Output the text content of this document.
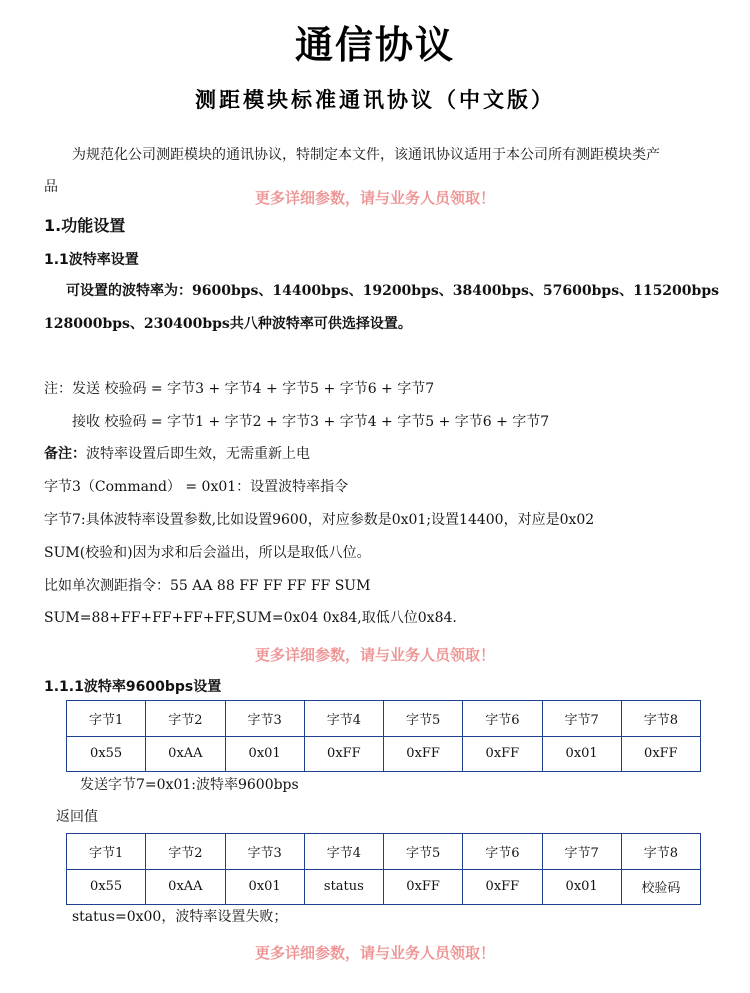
通信协议
测距模块标准通讯协议（中文版）
为规范化公司测距模块的通讯协议，特制定本文件，该通讯协议适用于本公司所有测距模块类产
品
更多详细参数，请与业务人员领取！
1.功能设置
1.1波特率设置
可设置的波特率为：9600bps、14400bps、19200bps、38400bps、57600bps、115200bps
128000bps、230400bps共八种波特率可供选择设置。
注：发送 校验码 = 字节3 + 字节4 + 字节5 + 字节6 + 字节7
接收 校验码 = 字节1 + 字节2 + 字节3 + 字节4 + 字节5 + 字节6 + 字节7
备注：波特率设置后即生效，无需重新上电
字节3（Command） = 0x01：设置波特率指令
字节7:具体波特率设置参数,比如设置9600，对应参数是0x01;设置14400，对应是0x02
SUM(校验和)因为求和后会溢出，所以是取低八位。
比如单次测距指令：55 AA 88 FF FF FF FF SUM
SUM=88+FF+FF+FF+FF,SUM=0x04 0x84,取低八位0x84.
更多详细参数，请与业务人员领取！
1.1.1波特率9600bps设置
字节1	字节2	字节3	字节4	字节5	字节6	字节7	字节8
0x55	0xAA	0x01	0xFF	0xFF	0xFF	0x01	0xFF
发送字节7=0x01:波特率9600bps
返回值
字节1	字节2	字节3	字节4	字节5	字节6	字节7	字节8
0x55	0xAA	0x01	status	0xFF	0xFF	0x01	校验码
status=0x00，波特率设置失败；
更多详细参数，请与业务人员领取！
